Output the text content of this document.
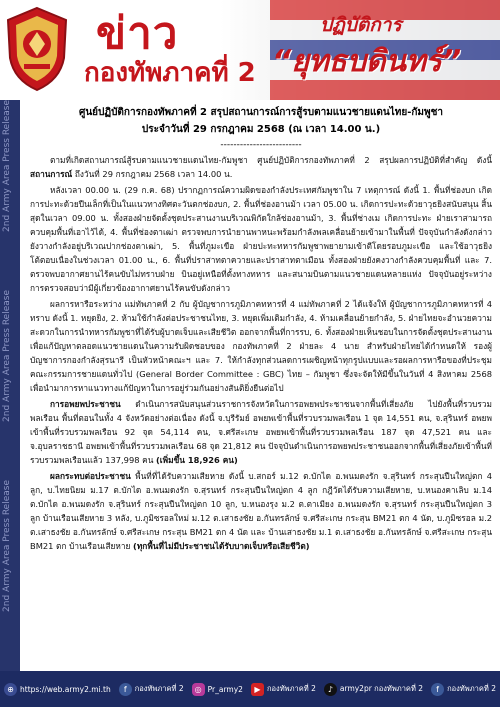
ข่าว
กองทัพภาคที่ 2
ปฏิบัติการ
“ยุทธบดินทร์”
2nd Army Area Press Release
2nd Army Area Press Release
2nd Army Area Press Release
ศูนย์ปฏิบัติการกองทัพภาคที่ 2 สรุปสถานการณ์การสู้รบตามแนวชายแดนไทย-กัมพูชา
ประจำวันที่ 29 กรกฎาคม 2568 (ณ เวลา 14.00 น.)
-------------------------

ตามที่เกิดสถานการณ์สู้รบตามแนวชายแดนไทย-กัมพูชา ศูนย์ปฏิบัติการกองทัพภาคที่ 2 สรุปผลการปฏิบัติที่สำคัญ ดังนี้ สถานการณ์ ถึงวันที่ 29 กรกฎาคม 2568 เวลา 14.00 น.

หลังเวลา 00.00 น. (29 ก.ค. 68) ปรากฏการณ์ความผิดของกำลังประเทศกัมพูชาใน 7 เหตุการณ์ ดังนี้ 1. พื้นที่ช่องบก เกิดการปะทะด้วยปืนเล็กที่เป็นในแนวทางทิศตะวันตกช่องบก, 2. พื้นที่ช่องอานม้า เวลา 05.00 น. เกิดการปะทะด้วยาวุธยิงสนับสนุน สิ้นสุดในเวลา 09.00 น. ทั้งสองฝ่ายจัดตั้งชุดประสานงานบริเวณพิกัดใกล้ช่องอานม้า, 3. พื้นที่ช่างเม เกิดการปะทะ ฝ่ายเราสามารถควบคุมพื้นที่เอาไว้ได้, 4. พื้นที่ช่องตาเฒ่า ตรวจพบการนำยานพาหนะพร้อมกำลังพลเคลื่อนย้ายเข้ามาในพื้นที่ ปัจจุบันกำลังดังกล่าวยังวางกำลังอยู่บริเวณปากช่องตาเฒ่า, 5. พื้นที่ภูมะเขือ ฝ่ายปะทะทหารกัมพูชาพยายามเข้าตีโดยรอบภูมะเขือ และใช้อาวุธยิงโต้ตอบเนื่องในช่วงเวลา 01.00 น., 6. พื้นที่ปราสาทตาควายและปราสาทตาเมือน ทั้งสองฝ่ายยังคงวางกำลังควบคุมพื้นที่ และ 7. ตรวจพบอากาศยานไร้คนขับไม่ทราบฝ่าย บินอยู่เหนือที่ตั้งทางทหาร และสนามบินตามแนวชายแดนหลายแห่ง ปัจจุบันอยู่ระหว่างการตรวจสอบว่ามีผู้เกี่ยวข้องอากาศยานไร้คนขับดังกล่าว

ผลการหารือระหว่าง แม่ทัพภาคที่ 2 กับ ผู้บัญชาการภูมิภาคทหารที่ 4 แม่ทัพภาคที่ 2 ได้แจ้งให้ ผู้บัญชาการภูมิภาคทหารที่ 4 ทราบ ดังนี้ 1. หยุดยิง, 2. ห้ามใช้กำลังต่อประชาชนไทย, 3. หยุดเพิ่มเติมกำลัง, 4. ห้ามเคลื่อนย้ายกำลัง, 5. ฝ่ายไทยจะอำนวยความสะดวกในการนำทหารกัมพูชาที่ได้รับผู้บาดเจ็บและเสียชีวิต ออกจากพื้นที่การรบ, 6. ทั้งสองฝ่ายเห็นชอบในการจัดตั้งชุดประสานงานเพื่อแก้ปัญหาตลอดแนวชายแดนในความรับผิดชอบของ กองทัพภาคที่ 2 ฝ่ายละ 4 นาย สำหรับฝ่ายไทยได้กำหนดให้ รองผู้บัญชาการกองกำลังสุรนารี เป็นหัวหน้าคณะฯ และ 7. ให้กำลังทุกส่วนลดการเผชิญหน้าทุกรูปแบบและรอผลการหารือของที่ประชุมคณะกรรมการชายแดนทั่วไป (General Border Committee : GBC) ไทย – กัมพูชา ซึ่งจะจัดให้มีขึ้นในวันที่ 4 สิงหาคม 2568 เพื่อนำมาการหาแนวทางแก้ปัญหาในการอยู่ร่วมกันอย่างสันติยิ่งยืนต่อไป

การอพยพประชาชน ดำเนินการสนับสนุนส่วนราชการจังหวัดในการอพยพประชาชนจากพื้นที่เสี่ยงภัย ไปยังพื้นที่รวบรวมพลเรือน พื้นที่ตอนในทั้ง 4 จังหวัดอย่างต่อเนื่อง ดังนี้ จ.บุรีรัมย์ อพยพเข้าพื้นที่รวบรวมพลเรือน 1 จุด 14,551 คน, จ.สุรินทร์ อพยพเข้าพื้นที่รวบรวมพลเรือน 92 จุด 54,114 คน, จ.ศรีสะเกษ อพยพเข้าพื้นที่รวบรวมพลเรือน 187 จุด 47,521 คน และ จ.อุบลราชธานี อพยพเข้าพื้นที่รวบรวมพลเรือน 68 จุด 21,812 คน ปัจจุบันดำเนินการอพยพประชาชนออกจากพื้นที่เสี่ยงภัยเข้าพื้นที่รวบรวมพลเรือนแล้ว 137,998 คน (เพิ่มขึ้น 18,926 คน)

ผลกระทบต่อประชาชน พื้นที่ที่ได้รับความเสียหาย ดังนี้ บ.สกอร์ ม.12 ต.บักได อ.พนมดงรัก จ.สุรินทร์ กระสุนปืนใหญ่ตก 4 ลูก, บ.ไทยนิยม ม.17 ต.บักได อ.พนมดงรัก จ.สุรนทร์ กระสุนปืนใหญ่ตก 4 ลูก กฎีวัดได้รับความเสียหาย, บ.หนองคาเลิบ ม.14 ต.บักได อ.พนมดงรัก จ.สุรินทร์ กระสุนปืนใหญ่ตก 10 ลูก, บ.หนองรุง ม.2 ต.ตาเมียง อ.พนมดงรัก จ.สุรนทร์ กระสุนปืนใหญ่ตก 3 ลูก บ้านเรือนเสียหาย 3 หลัง, บ.ภูมิซรอลใหม่ ม.12 ต.เสาธงชัย อ.กันทรลักษ์ จ.ศรีสะเกษ กระสุน BM21 ตก 4 นัด, บ.ภูมิซรอล ม.2 ต.เสาธงชัย อ.กันทรลักษ์ จ.ศรีสะเกษ กระสุน BM21 ตก 4 นัด และ บ้านเสาธงชัย ม.1 ต.เสาธงชัย อ.กันทรลักษ์ จ.ศรีสะเกษ กระสุน BM21 ตก บ้านเรือนเสียหาย (ทุกพื้นที่ไม่มีประชาชนได้รับบาดเจ็บหรือเสียชีวิต)

⊕ https://web.army2.mi.th	f	กองทัพภาคที่ 2	◎ Pr_army2	▶ กองทัพภาคที่ 2	♪ army2pr กองทัพภาคที่ 2	f	กองทัพภาคที่ 2
